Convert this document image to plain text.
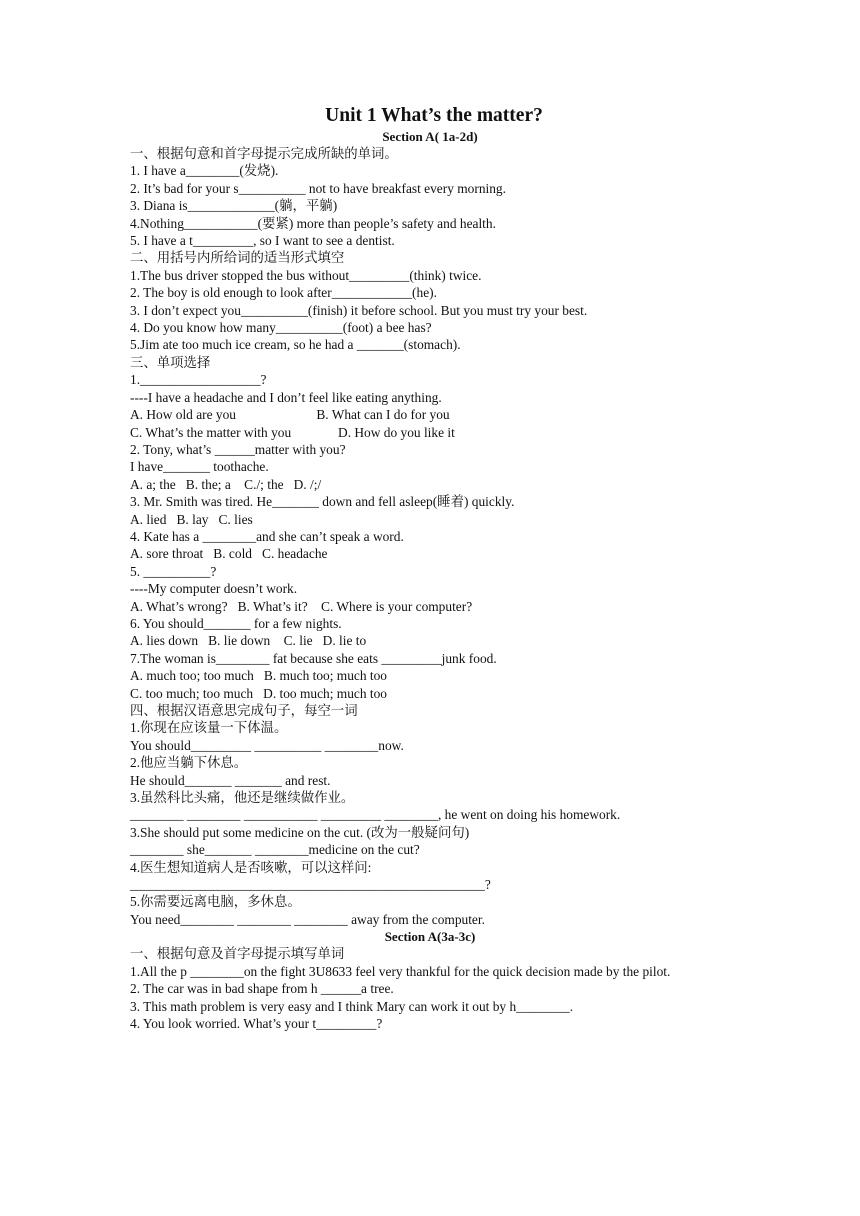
Unit 1 What’s the matter?
Section A( 1a-2d)
一、根据句意和首字母提示完成所缺的单词。
1. I have a________(发烧).
2. It’s bad for your s__________ not to have breakfast every morning.
3. Diana is_____________(躺，平躺)
4.Nothing___________(要紧) more than people’s safety and health.
5. I have a t_________, so I want to see a dentist.
二、用括号内所给词的适当形式填空
1.The bus driver stopped the bus without_________(think) twice.
2. The boy is old enough to look after____________(he).
3. I don’t expect you__________(finish) it before school. But you must try your best.
4. Do you know how many__________(foot) a bee has?
5.Jim ate too much ice cream, so he had a _______(stomach).
三、单项选择
1.__________________?
----I have a headache and I don’t feel like eating anything.
A. How old are you                        B. What can I do for you
C. What’s the matter with you              D. How do you like it
2. Tony, what’s ______matter with you?
I have_______ toothache.
A. a; the   B. the; a    C./; the   D. /;/
3. Mr. Smith was tired. He_______ down and fell asleep(睡着) quickly.
A. lied   B. lay   C. lies
4. Kate has a ________and she can’t speak a word.
A. sore throat   B. cold   C. headache
5. __________?
----My computer doesn’t work.
A. What’s wrong?   B. What’s it?    C. Where is your computer?
6. You should_______ for a few nights.
A. lies down   B. lie down    C. lie   D. lie to
7.The woman is________ fat because she eats _________junk food.
A. much too; too much   B. much too; much too
C. too much; too much   D. too much; much too
四、根据汉语意思完成句子，每空一词
1.你现在应该量一下体温。
You should_________ __________ ________now.
2.他应当躺下休息。
He should_______ _______ and rest.
3.虽然科比头痛，他还是继续做作业。
________ ________ ___________ _________ ________, he went on doing his homework.
3.She should put some medicine on the cut. (改为一般疑问句)
________ she_______ ________medicine on the cut?
4.医生想知道病人是否咳嗽，可以这样问:
_____________________________________________________?
5.你需要远离电脑，多休息。
You need________ ________ ________ away from the computer.
Section A(3a-3c)
一、根据句意及首字母提示填写单词
1.All the p ________on the fight 3U8633 feel very thankful for the quick decision made by the pilot.
2. The car was in bad shape from h ______a tree.
3. This math problem is very easy and I think Mary can work it out by h________.
4. You look worried. What’s your t_________?
